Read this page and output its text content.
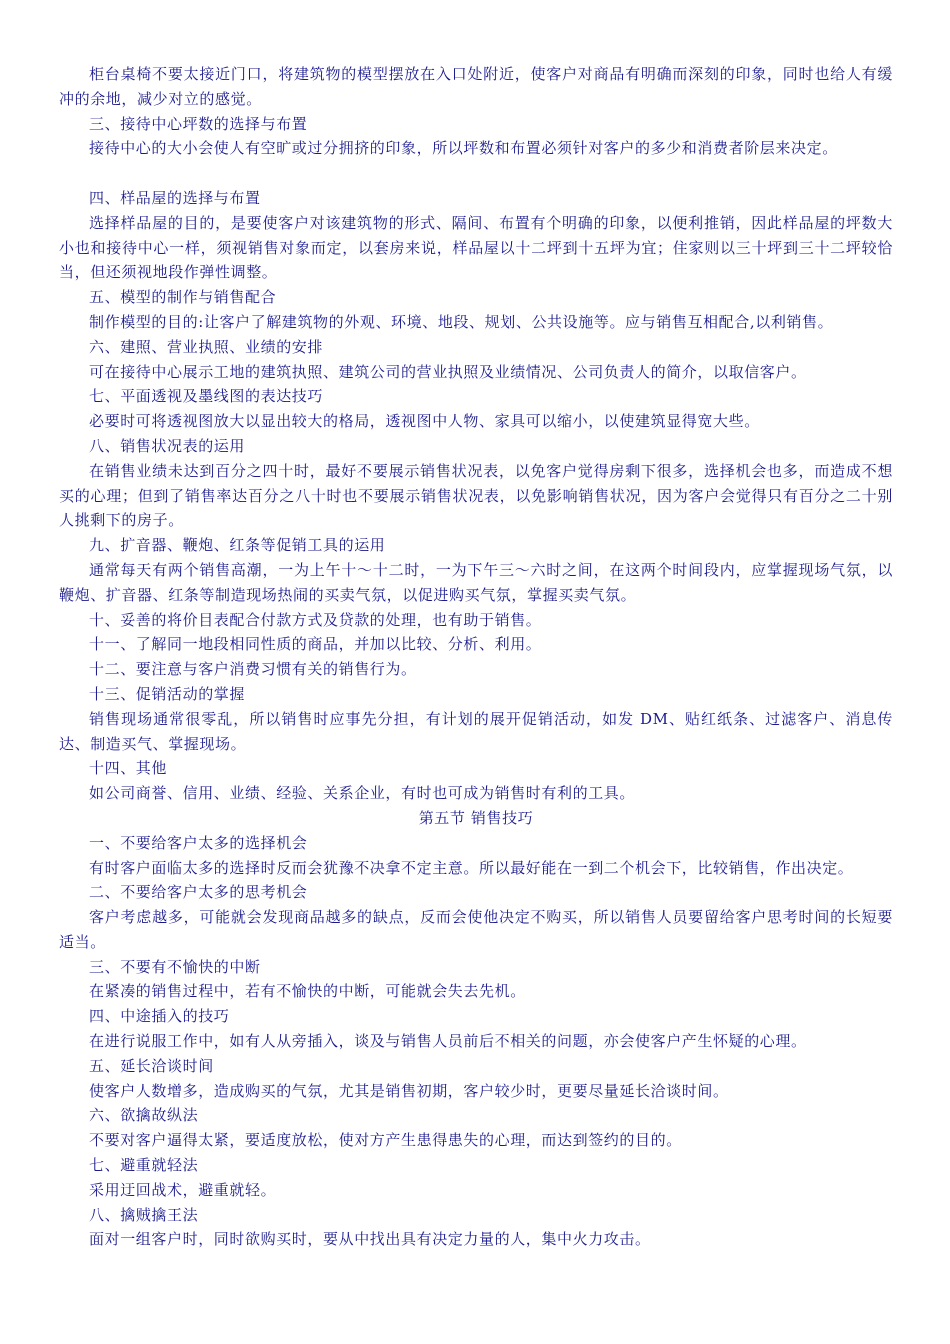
柜台桌椅不要太接近门口，将建筑物的模型摆放在入口处附近，使客户对商品有明确而深刻的印象，同时也给人有缓冲的余地，减少对立的感觉。

三、接待中心坪数的选择与布置

接待中心的大小会使人有空旷或过分拥挤的印象，所以坪数和布置必须针对客户的多少和消费者阶层来决定。

四、样品屋的选择与布置

选择样品屋的目的，是要使客户对该建筑物的形式、隔间、布置有个明确的印象，以便利推销，因此样品屋的坪数大小也和接待中心一样，须视销售对象而定，以套房来说，样品屋以十二坪到十五坪为宜；住家则以三十坪到三十二坪较恰当，但还须视地段作弹性调整。

五、模型的制作与销售配合

制作模型的目的:让客户了解建筑物的外观、环境、地段、规划、公共设施等。应与销售互相配合,以利销售。

六、建照、营业执照、业绩的安排

可在接待中心展示工地的建筑执照、建筑公司的营业执照及业绩情况、公司负责人的简介，以取信客户。

七、平面透视及墨线图的表达技巧

必要时可将透视图放大以显出较大的格局，透视图中人物、家具可以缩小，以使建筑显得宽大些。

八、销售状况表的运用

在销售业绩未达到百分之四十时，最好不要展示销售状况表，以免客户觉得房剩下很多，选择机会也多，而造成不想买的心理；但到了销售率达百分之八十时也不要展示销售状况表，以免影响销售状况，因为客户会觉得只有百分之二十别人挑剩下的房子。

九、扩音器、鞭炮、红条等促销工具的运用

通常每天有两个销售高潮，一为上午十～十二时，一为下午三～六时之间，在这两个时间段内，应掌握现场气氛，以鞭炮、扩音器、红条等制造现场热闹的买卖气氛，以促进购买气氛，掌握买卖气氛。

十、妥善的将价目表配合付款方式及贷款的处理，也有助于销售。

十一、了解同一地段相同性质的商品，并加以比较、分析、利用。

十二、要注意与客户消费习惯有关的销售行为。

十三、促销活动的掌握

销售现场通常很零乱，所以销售时应事先分担，有计划的展开促销活动，如发 DM、贴红纸条、过滤客户、消息传达、制造买气、掌握现场。

十四、其他

如公司商誉、信用、业绩、经验、关系企业，有时也可成为销售时有利的工具。

第五节 销售技巧

一、不要给客户太多的选择机会

有时客户面临太多的选择时反而会犹豫不决拿不定主意。所以最好能在一到二个机会下，比较销售，作出决定。

二、不要给客户太多的思考机会

客户考虑越多，可能就会发现商品越多的缺点，反而会使他决定不购买，所以销售人员要留给客户思考时间的长短要适当。

三、不要有不愉快的中断

在紧凑的销售过程中，若有不愉快的中断，可能就会失去先机。

四、中途插入的技巧

在进行说服工作中，如有人从旁插入，谈及与销售人员前后不相关的问题，亦会使客户产生怀疑的心理。

五、延长洽谈时间

使客户人数增多，造成购买的气氛，尤其是销售初期，客户较少时，更要尽量延长洽谈时间。

六、欲擒故纵法

不要对客户逼得太紧，要适度放松，使对方产生患得患失的心理，而达到签约的目的。

七、避重就轻法

采用迂回战术，避重就轻。

八、擒贼擒王法

面对一组客户时，同时欲购买时，要从中找出具有决定力量的人，集中火力攻击。
